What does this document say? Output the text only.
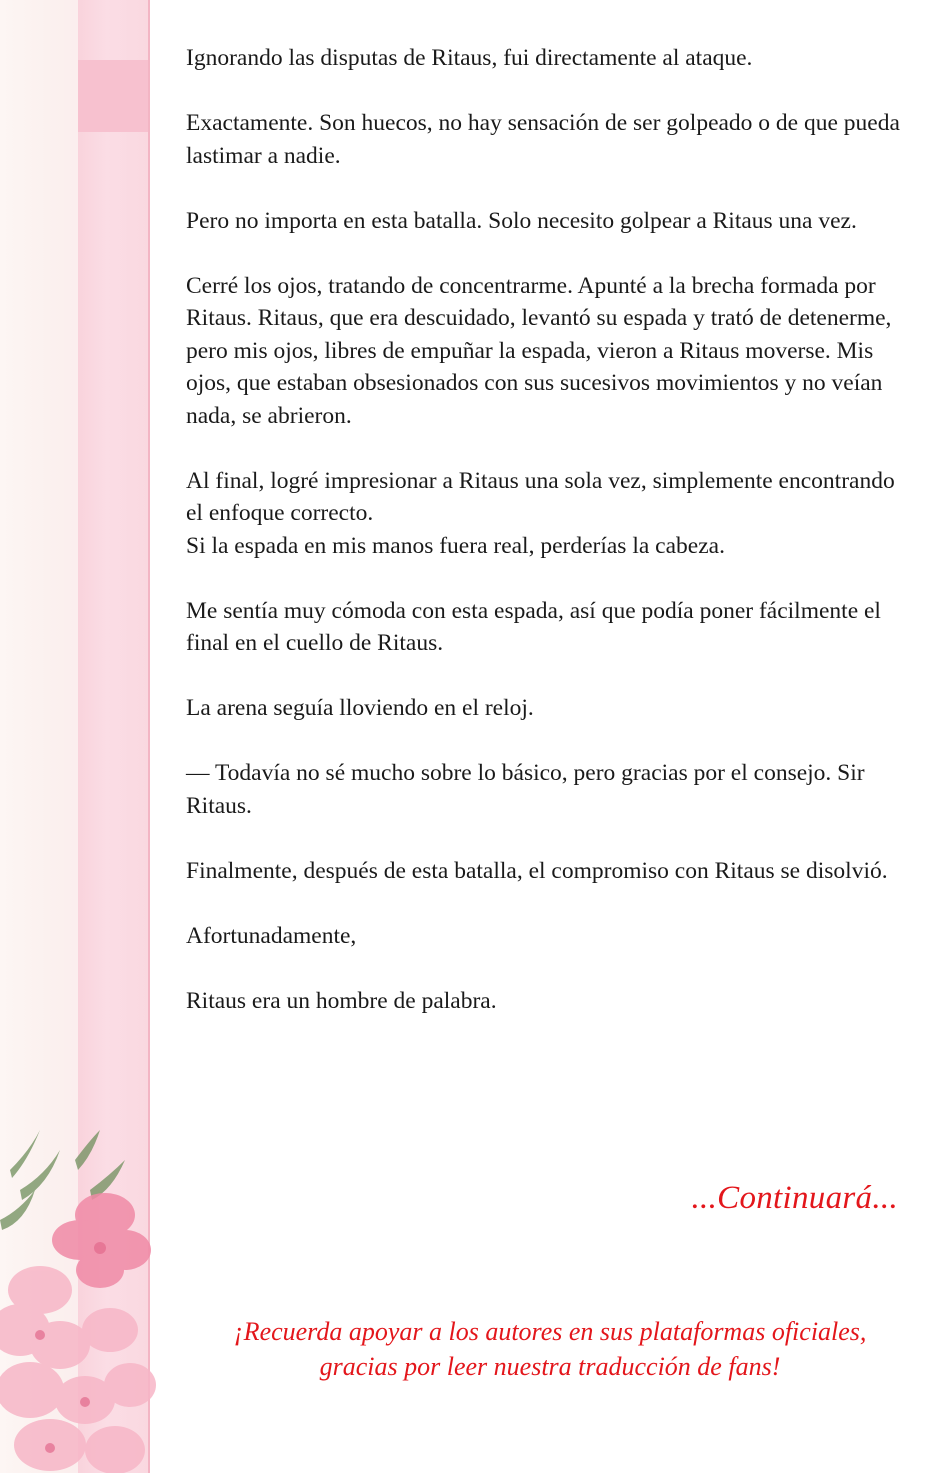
Ignorando las disputas de Ritaus, fui directamente al ataque.

Exactamente. Son huecos, no hay sensación de ser golpeado o de que pueda lastimar a nadie.

Pero no importa en esta batalla. Solo necesito golpear a Ritaus una vez.

Cerré los ojos, tratando de concentrarme. Apunté a la brecha formada por Ritaus. Ritaus, que era descuidado, levantó su espada y trató de detenerme, pero mis ojos, libres de empuñar la espada, vieron a Ritaus moverse. Mis ojos, que estaban obsesionados con sus sucesivos movimientos y no veían nada, se abrieron.

Al final, logré impresionar a Ritaus una sola vez, simplemente encontrando el enfoque correcto.

Si la espada en mis manos fuera real, perderías la cabeza.

Me sentía muy cómoda con esta espada, así que podía poner fácilmente el final en el cuello de Ritaus.

La arena seguía lloviendo en el reloj.

— Todavía no sé mucho sobre lo básico, pero gracias por el consejo. Sir Ritaus.

Finalmente, después de esta batalla, el compromiso con Ritaus se disolvió.

Afortunadamente,

Ritaus era un hombre de palabra.

...Continuará...
¡Recuerda apoyar a los autores en sus plataformas oficiales,
gracias por leer nuestra traducción de fans!
